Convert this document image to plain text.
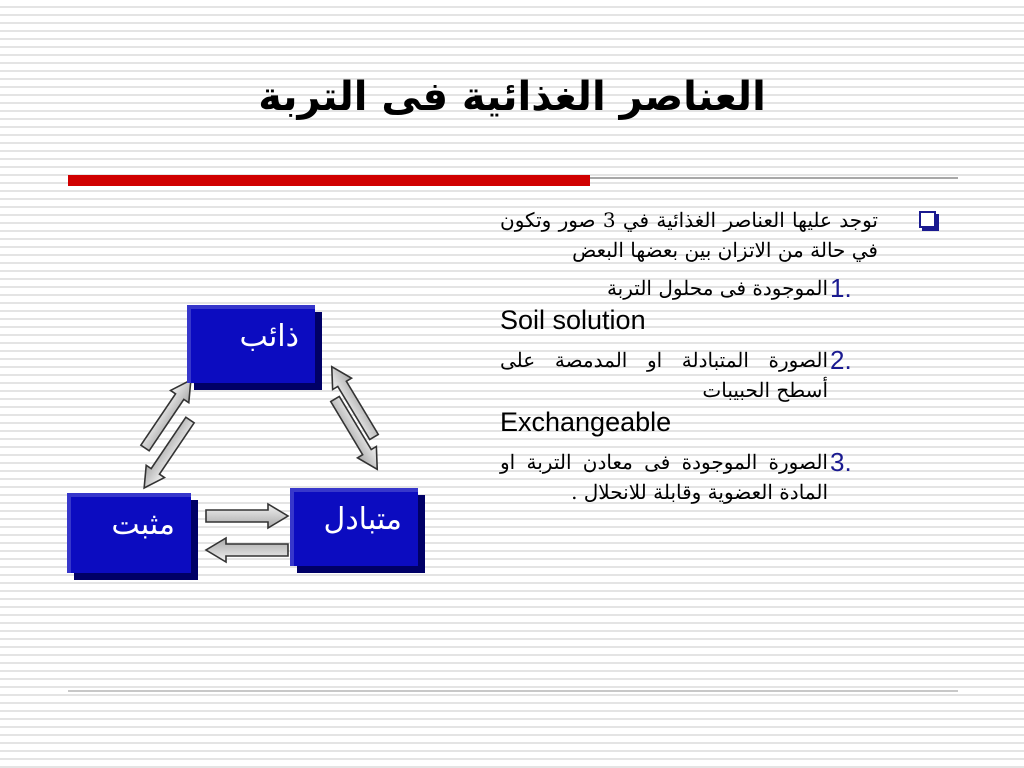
العناصر الغذائية فى التربة
توجد عليها العناصر الغذائية في 3 صور وتكون في حالة من الاتزان بين بعضها البعض
1.
الموجودة فى محلول التربة
Soil solution
2.
الصورة المتبادلة او المدمصة على أسطح الحبيبات
Exchangeable
3.
الصورة الموجودة فى معادن التربة او المادة العضوية وقابلة للانحلال .
ذائب
مثبت	متبادل
